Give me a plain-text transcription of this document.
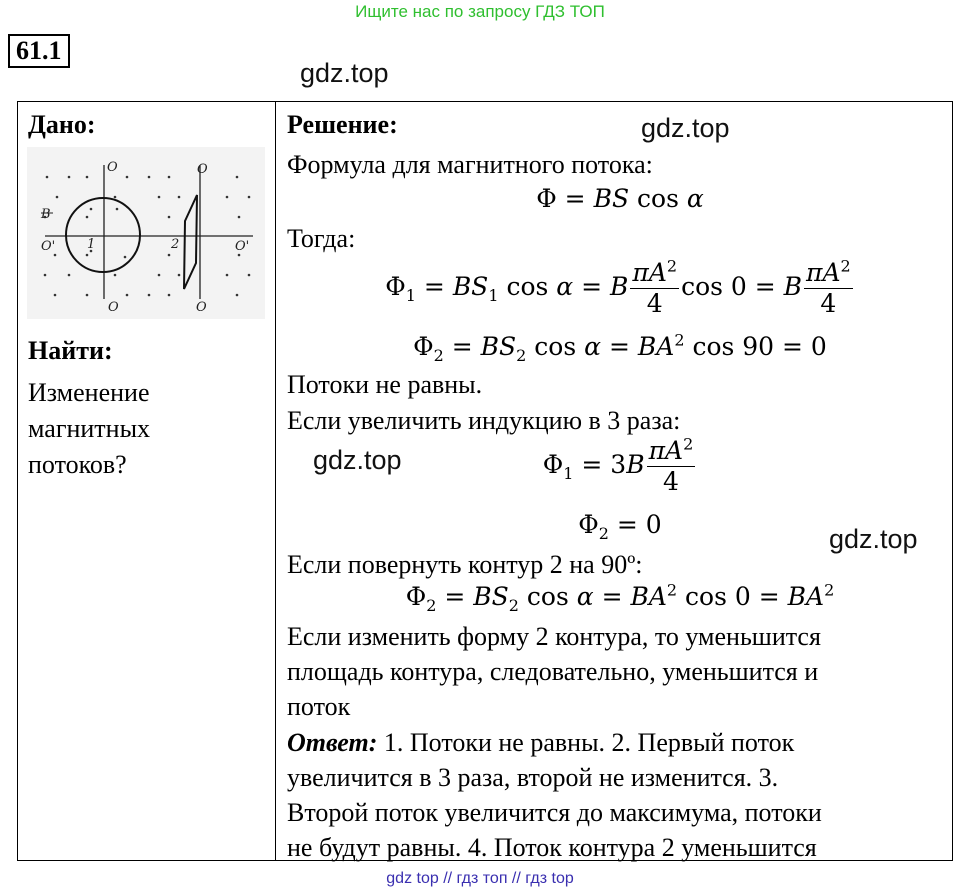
Ищите нас по запросу ГДЗ ТОП
61.1
gdz.top
gdz.top
gdz.top
gdz.top
Дано:
O	O
O'	O'
O	O
B
1	2
Найти:
Изменение
магнитных
потоков?
Решение:
Формула для магнитного потока:
Φ = BS cos α
Тогда:
$\Phi_1 = BS_1$ cos α = B $\frac{\pi A^2}{4}$ cos 0 = B $\frac{\pi A^2}{4}$
$\Phi_2 = BS_2$ $\cos \alpha = BA^2$ cos 90 = 0
Потоки не равны.
Если увеличить индукцию в 3 раза:
$\Phi_1 = 3B \frac{\pi A^2}{4}$
$\Phi_2 = 0$
Если повернуть контур 2 на 90º:
$\Phi_2 = BS_2$ $\cos \alpha = BA^2$ $\cos 0 = BA^2$
Если изменить форму 2 контура, то уменьшится
площадь контура, следовательно, уменьшится и
поток
Ответ: 1. Потоки не равны. 2. Первый поток
увеличится в 3 раза, второй не изменится. 3.
Второй поток увеличится до максимума, потоки
не будут равны. 4. Поток контура 2 уменьшится
gdz top // гдз топ // гдз top
